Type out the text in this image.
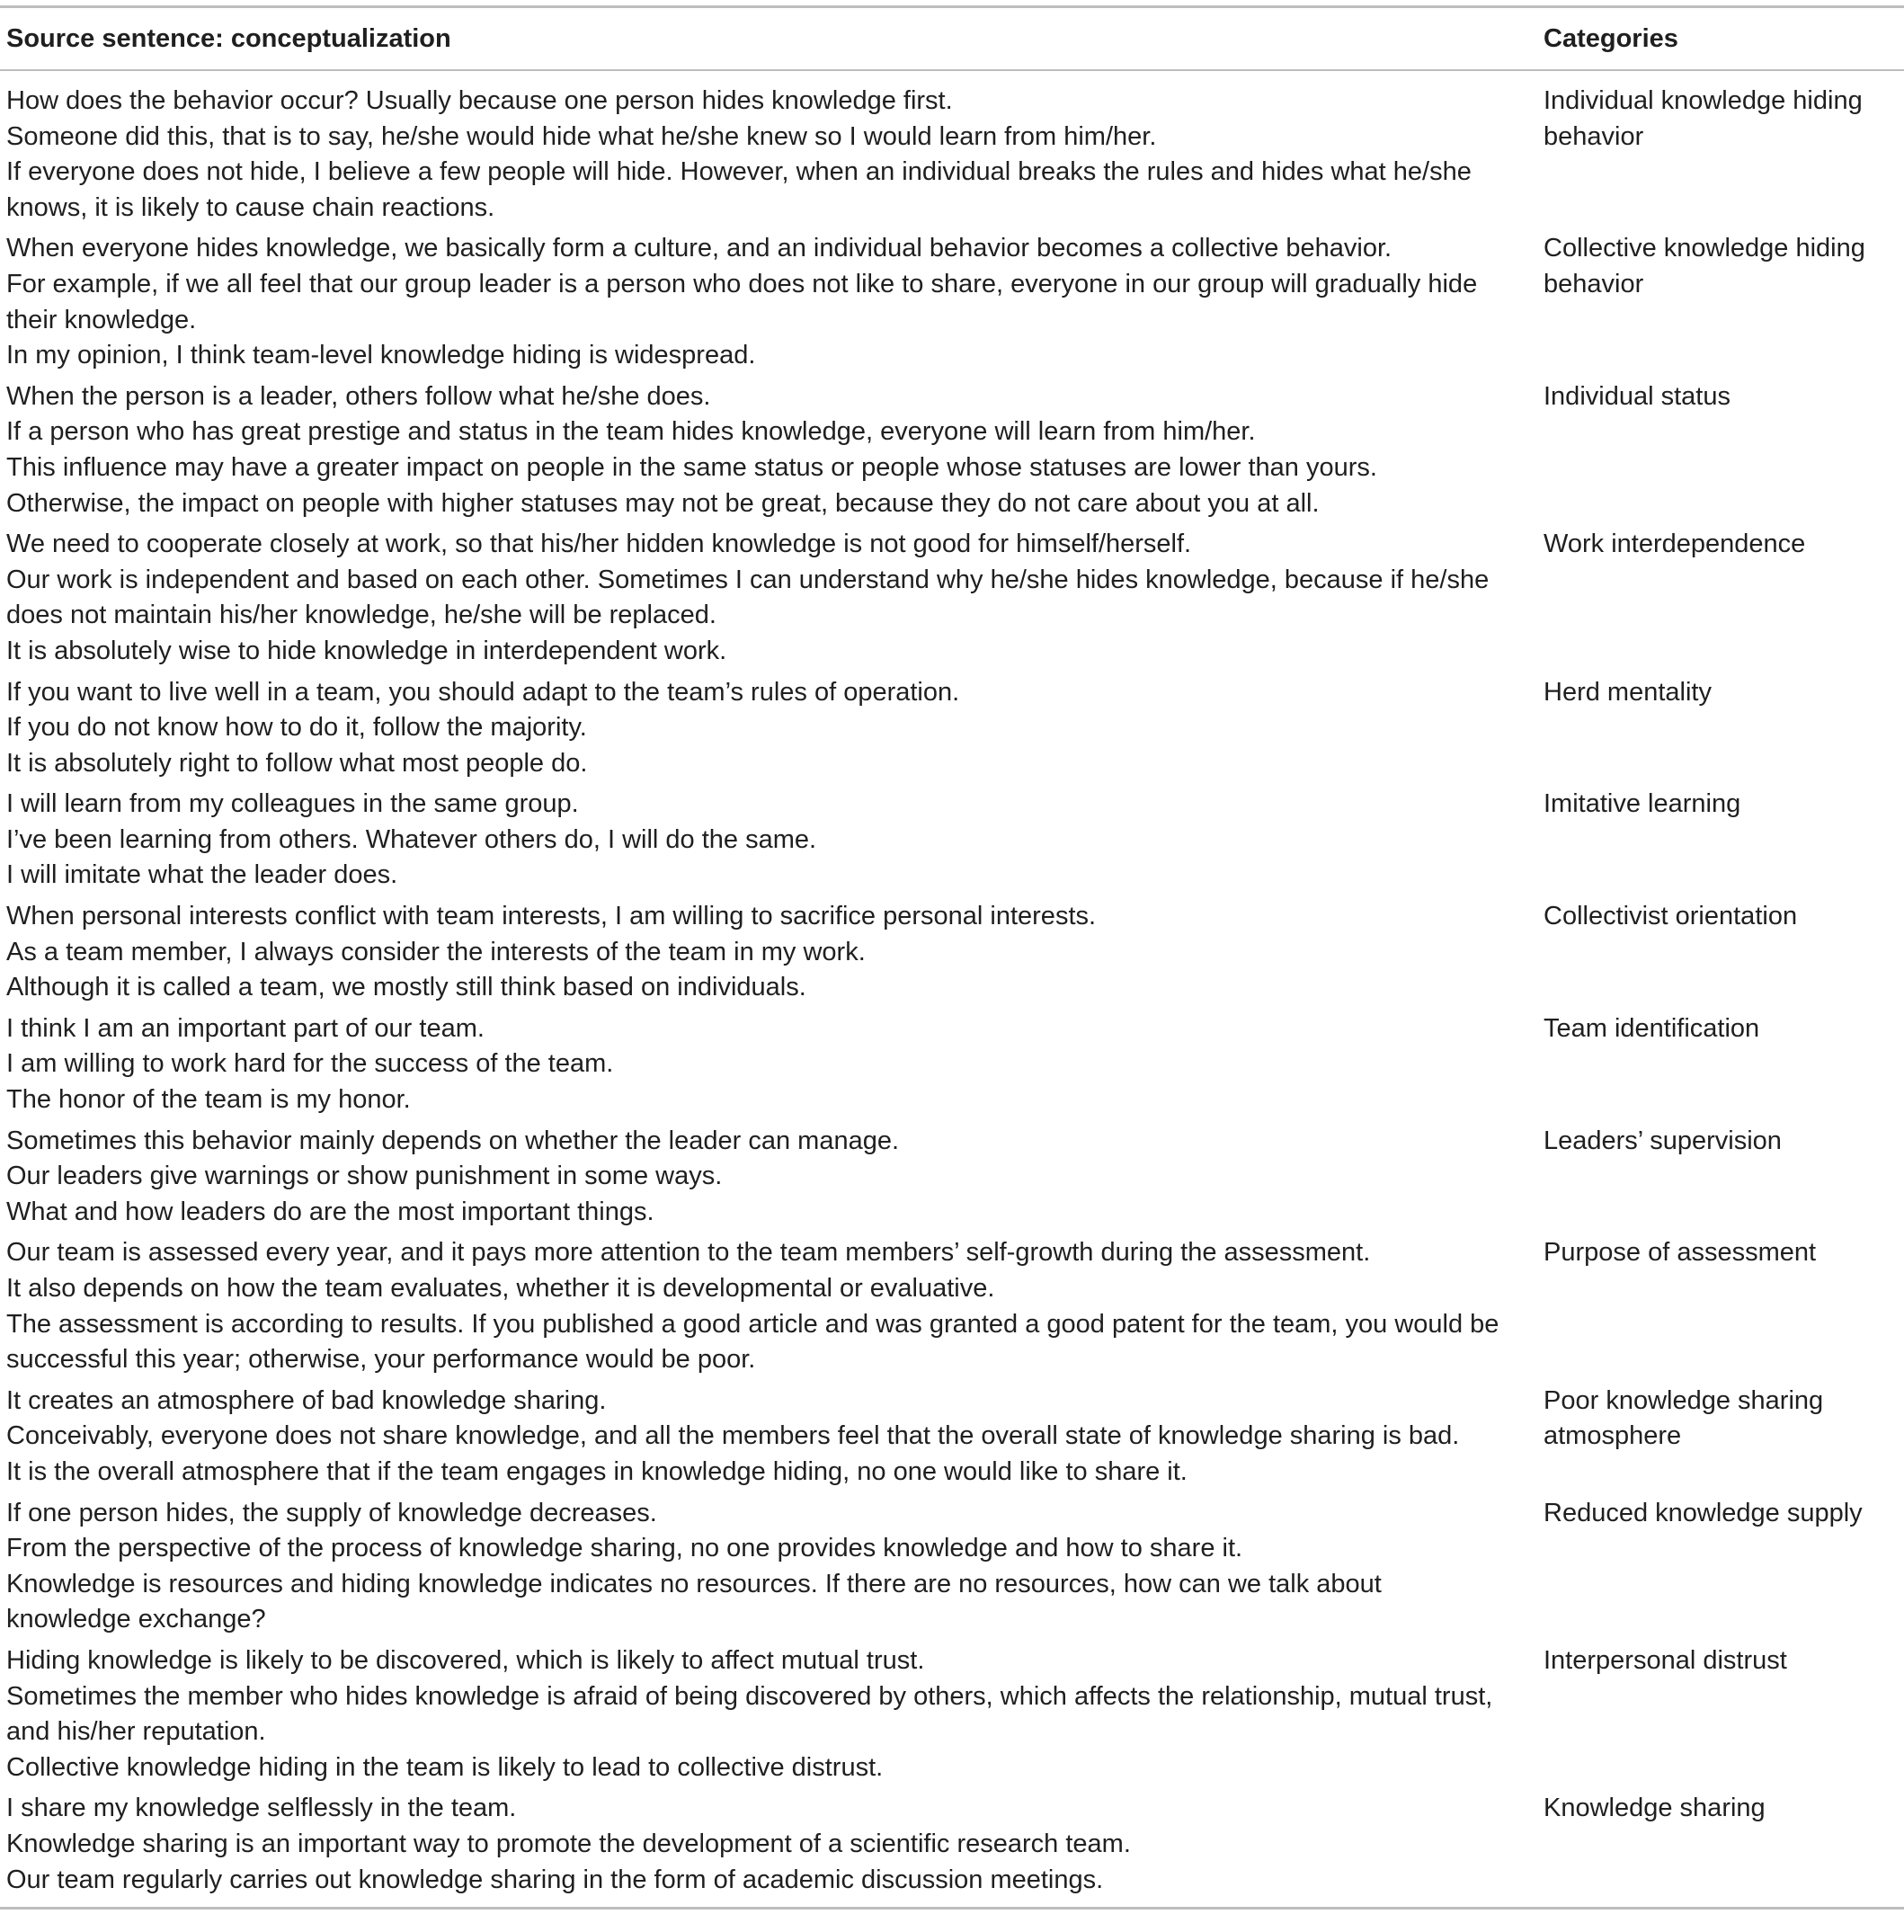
Source sentence: conceptualization	Categories

How does the behavior occur? Usually because one person hides knowledge first.
Someone did this, that is to say, he/she would hide what he/she knew so I would learn from him/her.
If everyone does not hide, I believe a few people will hide. However, when an individual breaks the rules and hides what he/she knows, it is likely to cause chain reactions.	Individual knowledge hiding behavior

When everyone hides knowledge, we basically form a culture, and an individual behavior becomes a collective behavior.
For example, if we all feel that our group leader is a person who does not like to share, everyone in our group will gradually hide their knowledge.
In my opinion, I think team-level knowledge hiding is widespread.	Collective knowledge hiding behavior

When the person is a leader, others follow what he/she does.
If a person who has great prestige and status in the team hides knowledge, everyone will learn from him/her.
This influence may have a greater impact on people in the same status or people whose statuses are lower than yours.
Otherwise, the impact on people with higher statuses may not be great, because they do not care about you at all.	Individual status

We need to cooperate closely at work, so that his/her hidden knowledge is not good for himself/herself.
Our work is independent and based on each other. Sometimes I can understand why he/she hides knowledge, because if he/she does not maintain his/her knowledge, he/she will be replaced.
It is absolutely wise to hide knowledge in interdependent work.	Work interdependence

If you want to live well in a team, you should adapt to the team’s rules of operation.
If you do not know how to do it, follow the majority.
It is absolutely right to follow what most people do.	Herd mentality

I will learn from my colleagues in the same group.
I’ve been learning from others. Whatever others do, I will do the same.
I will imitate what the leader does.	Imitative learning

When personal interests conflict with team interests, I am willing to sacrifice personal interests.
As a team member, I always consider the interests of the team in my work.
Although it is called a team, we mostly still think based on individuals.	Collectivist orientation

I think I am an important part of our team.
I am willing to work hard for the success of the team.
The honor of the team is my honor.	Team identification

Sometimes this behavior mainly depends on whether the leader can manage.
Our leaders give warnings or show punishment in some ways.
What and how leaders do are the most important things.	Leaders’ supervision

Our team is assessed every year, and it pays more attention to the team members’ self-growth during the assessment.
It also depends on how the team evaluates, whether it is developmental or evaluative.
The assessment is according to results. If you published a good article and was granted a good patent for the team, you would be successful this year; otherwise, your performance would be poor.	Purpose of assessment

It creates an atmosphere of bad knowledge sharing.
Conceivably, everyone does not share knowledge, and all the members feel that the overall state of knowledge sharing is bad.
It is the overall atmosphere that if the team engages in knowledge hiding, no one would like to share it.	Poor knowledge sharing atmosphere

If one person hides, the supply of knowledge decreases.
From the perspective of the process of knowledge sharing, no one provides knowledge and how to share it.
Knowledge is resources and hiding knowledge indicates no resources. If there are no resources, how can we talk about knowledge exchange?	Reduced knowledge supply

Hiding knowledge is likely to be discovered, which is likely to affect mutual trust.
Sometimes the member who hides knowledge is afraid of being discovered by others, which affects the relationship, mutual trust, and his/her reputation.
Collective knowledge hiding in the team is likely to lead to collective distrust.	Interpersonal distrust

I share my knowledge selflessly in the team.
Knowledge sharing is an important way to promote the development of a scientific research team.
Our team regularly carries out knowledge sharing in the form of academic discussion meetings.	Knowledge sharing
